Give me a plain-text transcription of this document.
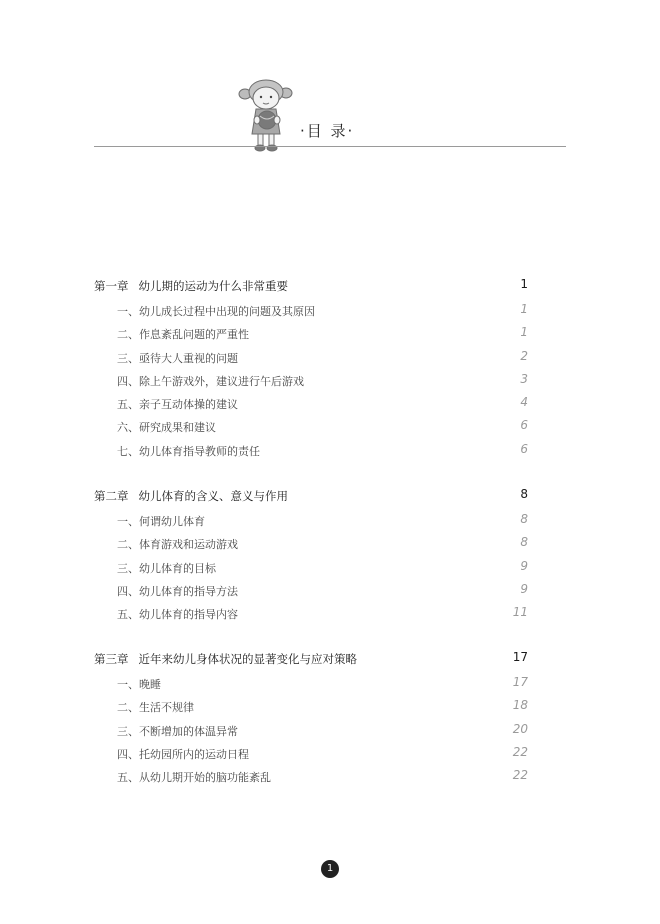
·目 录·
第一章 幼儿期的运动为什么非常重要	1
一、幼儿成长过程中出现的问题及其原因	1
二、作息紊乱问题的严重性	1
三、亟待大人重视的问题	2
四、除上午游戏外，建议进行午后游戏	3
五、亲子互动体操的建议	4
六、研究成果和建议	6
七、幼儿体育指导教师的责任	6
第二章 幼儿体育的含义、意义与作用	8
一、何谓幼儿体育	8
二、体育游戏和运动游戏	8
三、幼儿体育的目标	9
四、幼儿体育的指导方法	9
五、幼儿体育的指导内容	11
第三章 近年来幼儿身体状况的显著变化与应对策略	17
一、晚睡	17
二、生活不规律	18
三、不断增加的体温异常	20
四、托幼园所内的运动日程	22
五、从幼儿期开始的脑功能紊乱	22
1
